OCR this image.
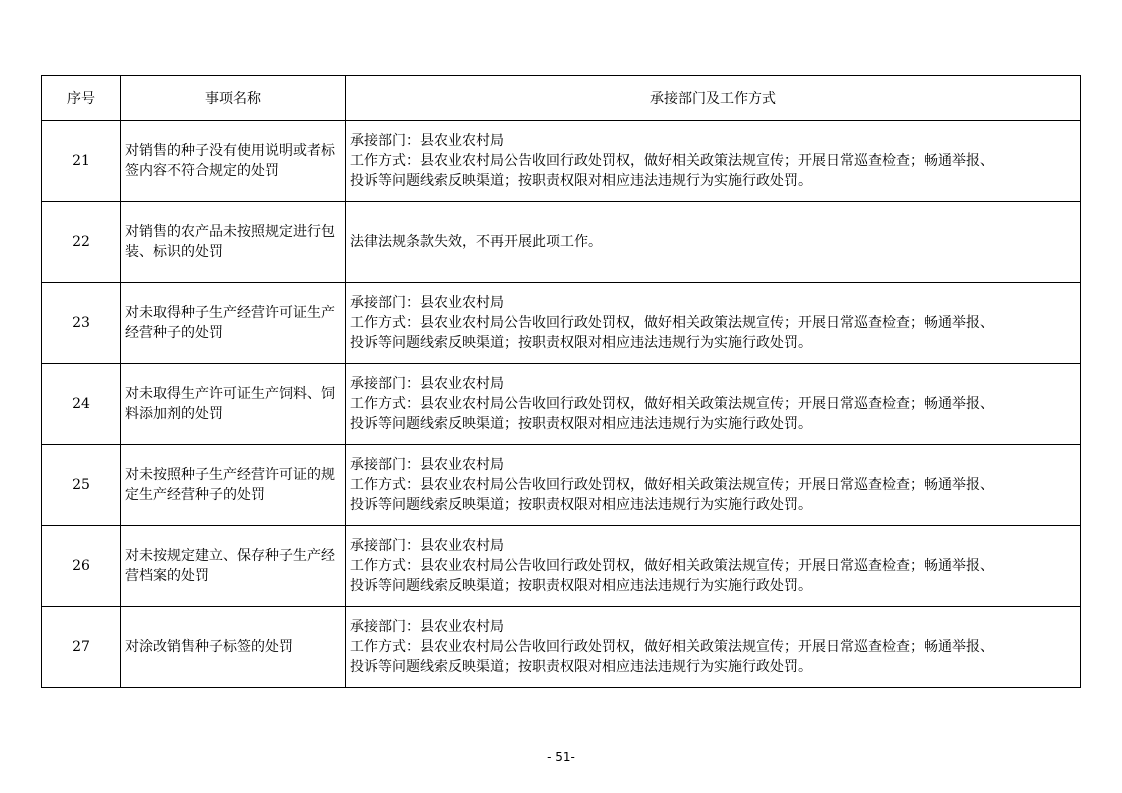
序号	事项名称	承接部门及工作方式
21	对销售的种子没有使用说明或者标签内容不符合规定的处罚	承接部门：县农业农村局
工作方式：县农业农村局公告收回行政处罚权，做好相关政策法规宣传；开展日常巡查检查；畅通举报、
投诉等问题线索反映渠道；按职责权限对相应违法违规行为实施行政处罚。

22	对销售的农产品未按照规定进行包装、标识的处罚	法律法规条款失效，不再开展此项工作。

23	对未取得种子生产经营许可证生产经营种子的处罚	承接部门：县农业农村局
工作方式：县农业农村局公告收回行政处罚权，做好相关政策法规宣传；开展日常巡查检查；畅通举报、
投诉等问题线索反映渠道；按职责权限对相应违法违规行为实施行政处罚。

24	对未取得生产许可证生产饲料、饲料添加剂的处罚	承接部门：县农业农村局
工作方式：县农业农村局公告收回行政处罚权，做好相关政策法规宣传；开展日常巡查检查；畅通举报、
投诉等问题线索反映渠道；按职责权限对相应违法违规行为实施行政处罚。

25	对未按照种子生产经营许可证的规定生产经营种子的处罚	承接部门：县农业农村局
工作方式：县农业农村局公告收回行政处罚权，做好相关政策法规宣传；开展日常巡查检查；畅通举报、
投诉等问题线索反映渠道；按职责权限对相应违法违规行为实施行政处罚。

26	对未按规定建立、保存种子生产经营档案的处罚	承接部门：县农业农村局
工作方式：县农业农村局公告收回行政处罚权，做好相关政策法规宣传；开展日常巡查检查；畅通举报、
投诉等问题线索反映渠道；按职责权限对相应违法违规行为实施行政处罚。

27	对涂改销售种子标签的处罚	承接部门：县农业农村局
工作方式：县农业农村局公告收回行政处罚权，做好相关政策法规宣传；开展日常巡查检查；畅通举报、
投诉等问题线索反映渠道；按职责权限对相应违法违规行为实施行政处罚。
- 51-
